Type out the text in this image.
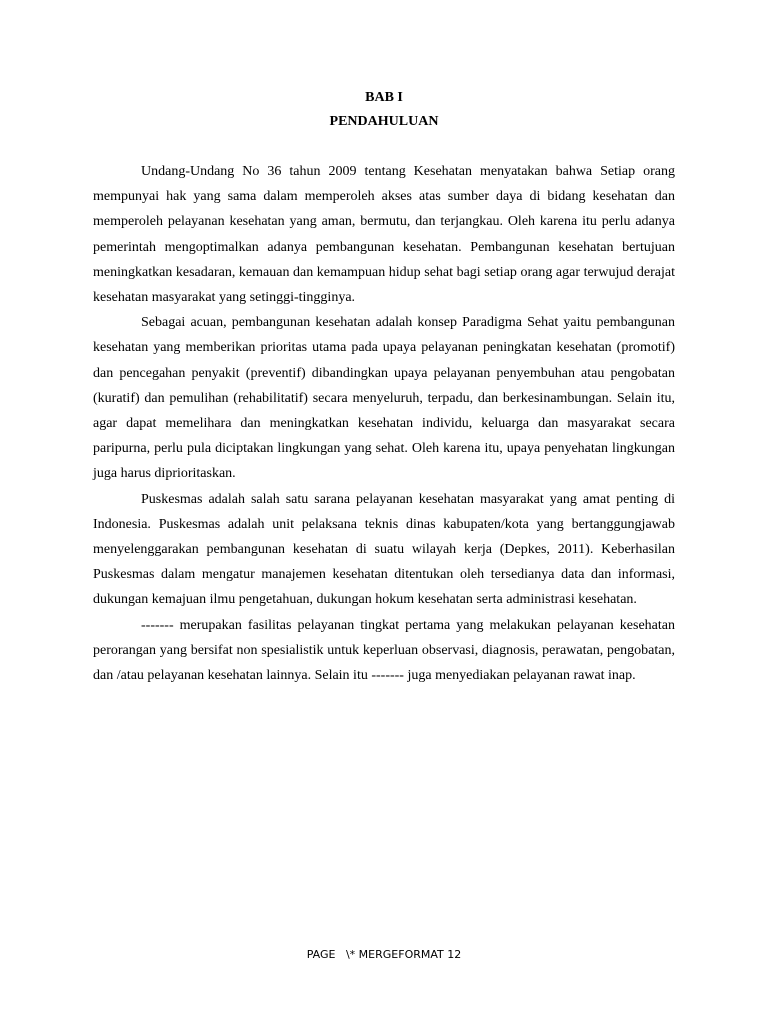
BAB I
PENDAHULUAN

Undang-Undang No 36 tahun 2009 tentang Kesehatan menyatakan bahwa Setiap orang mempunyai hak yang sama dalam memperoleh akses atas sumber daya di bidang kesehatan dan memperoleh pelayanan kesehatan yang aman, bermutu, dan terjangkau. Oleh karena itu perlu adanya pemerintah mengoptimalkan adanya pembangunan kesehatan. Pembangunan kesehatan bertujuan meningkatkan kesadaran, kemauan dan kemampuan hidup sehat bagi setiap orang agar terwujud derajat kesehatan masyarakat yang setinggi-tingginya.

Sebagai acuan, pembangunan kesehatan adalah konsep Paradigma Sehat yaitu pembangunan kesehatan yang memberikan prioritas utama pada upaya pelayanan peningkatan kesehatan (promotif) dan pencegahan penyakit (preventif) dibandingkan upaya pelayanan penyembuhan atau pengobatan (kuratif) dan pemulihan (rehabilitatif) secara menyeluruh, terpadu, dan berkesinambungan. Selain itu, agar dapat memelihara dan meningkatkan kesehatan individu, keluarga dan masyarakat secara paripurna, perlu pula diciptakan lingkungan yang sehat. Oleh karena itu, upaya penyehatan lingkungan juga harus diprioritaskan.

Puskesmas adalah salah satu sarana pelayanan kesehatan masyarakat yang amat penting di Indonesia. Puskesmas adalah unit pelaksana teknis dinas kabupaten/kota yang bertanggungjawab menyelenggarakan pembangunan kesehatan di suatu wilayah kerja (Depkes, 2011). Keberhasilan Puskesmas dalam mengatur manajemen kesehatan ditentukan oleh tersedianya data dan informasi, dukungan kemajuan ilmu pengetahuan, dukungan hokum kesehatan serta administrasi kesehatan.

------- merupakan fasilitas pelayanan tingkat pertama yang melakukan pelayanan kesehatan perorangan yang bersifat non spesialistik untuk keperluan observasi, diagnosis, perawatan, pengobatan, dan /atau pelayanan kesehatan lainnya. Selain itu ------- juga menyediakan pelayanan rawat inap.

PAGE   \* MERGEFORMAT 12
